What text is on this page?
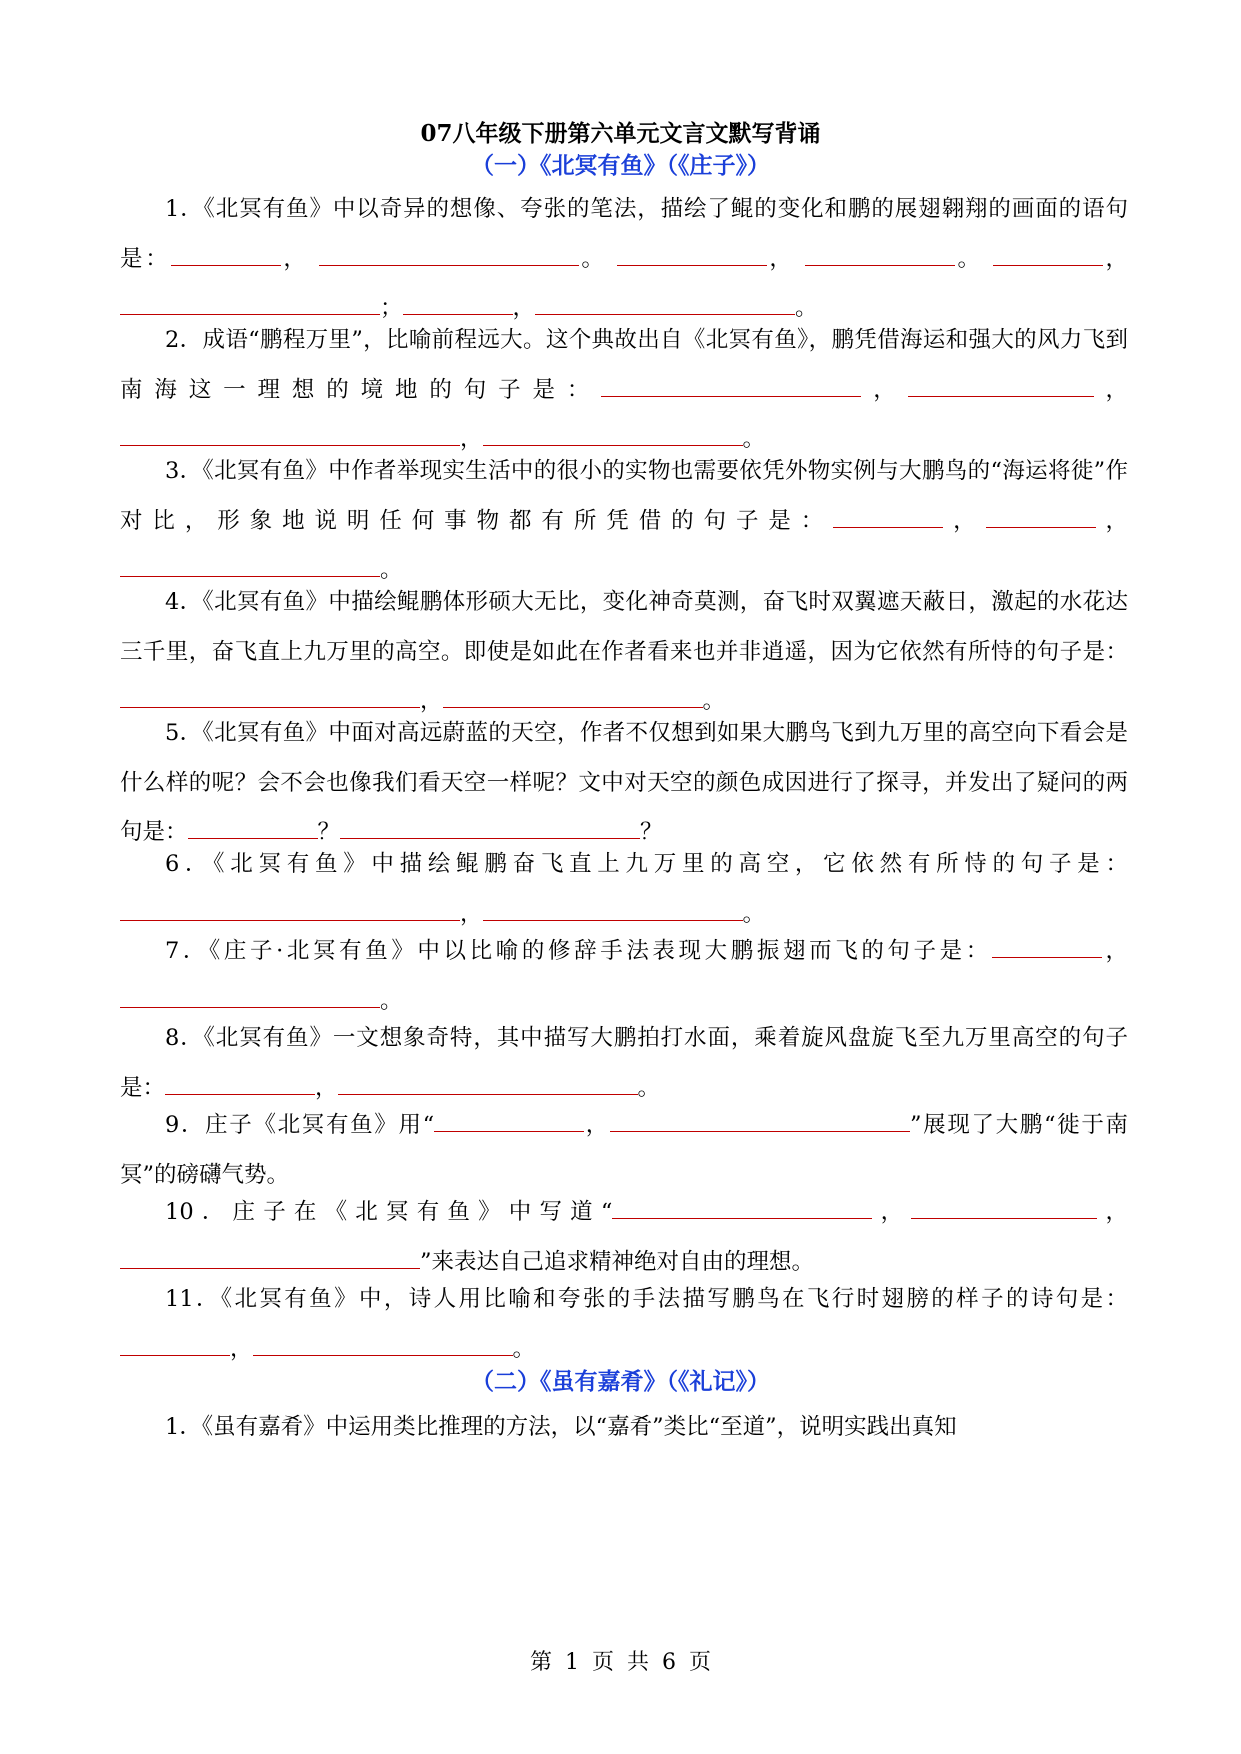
07八年级下册第六单元文言文默写背诵
（一）《北冥有鱼》（《庄子》）

1．《北冥有鱼》中以奇异的想像、夸张的笔法，描绘了鲲的变化和鹏的展翅翱翔的画面的语句是：	，	。	，	。	，；	，	。

2．成语“鹏程万里”，比喻前程远大。这个典故出自《北冥有鱼》，鹏凭借海运和强大的风力飞到南海这一理想的境地的句子是：	，	， ，	。

3．《北冥有鱼》中作者举现实生活中的很小的实物也需要依凭外物实例与大鹏鸟的“海运将徙”作对比，形象地说明任何事物都有所凭借的句子是：	，	， 。

4．《北冥有鱼》中描绘鲲鹏体形硕大无比，变化神奇莫测，奋飞时双翼遮天蔽日，激起的水花达三千里，奋飞直上九万里的高空。即使是如此在作者看来也并非逍遥，因为它依然有所恃的句子是：，	。

5．《北冥有鱼》中面对高远蔚蓝的天空，作者不仅想到如果大鹏鸟飞到九万里的高空向下看会是什么样的呢？会不会也像我们看天空一样呢？文中对天空的颜色成因进行了探寻，并发出了疑问的两句是：	？	？

6．《北冥有鱼》中描绘鲲鹏奋飞直上九万里的高空，它依然有所恃的句子是：，	。

7．《庄子·北冥有鱼》中以比喻的修辞手法表现大鹏振翅而飞的句子是：	， 。

8．《北冥有鱼》一文想象奇特，其中描写大鹏拍打水面，乘着旋风盘旋飞至九万里高空的句子是：	，	。

9．庄子《北冥有鱼》用“	，	”展现了大鹏“徙于南冥”的磅礴气势。

10．庄子在《北冥有鱼》中写道“	，	， ”来表达自己追求精神绝对自由的理想。

11．《北冥有鱼》中，诗人用比喻和夸张的手法描写鹏鸟在飞行时翅膀的样子的诗句是：，	。

（二）《虽有嘉肴》（《礼记》）

1．《虽有嘉肴》中运用类比推理的方法，以“嘉肴”类比“至道”，说明实践出真知

第 1 页 共 6 页
